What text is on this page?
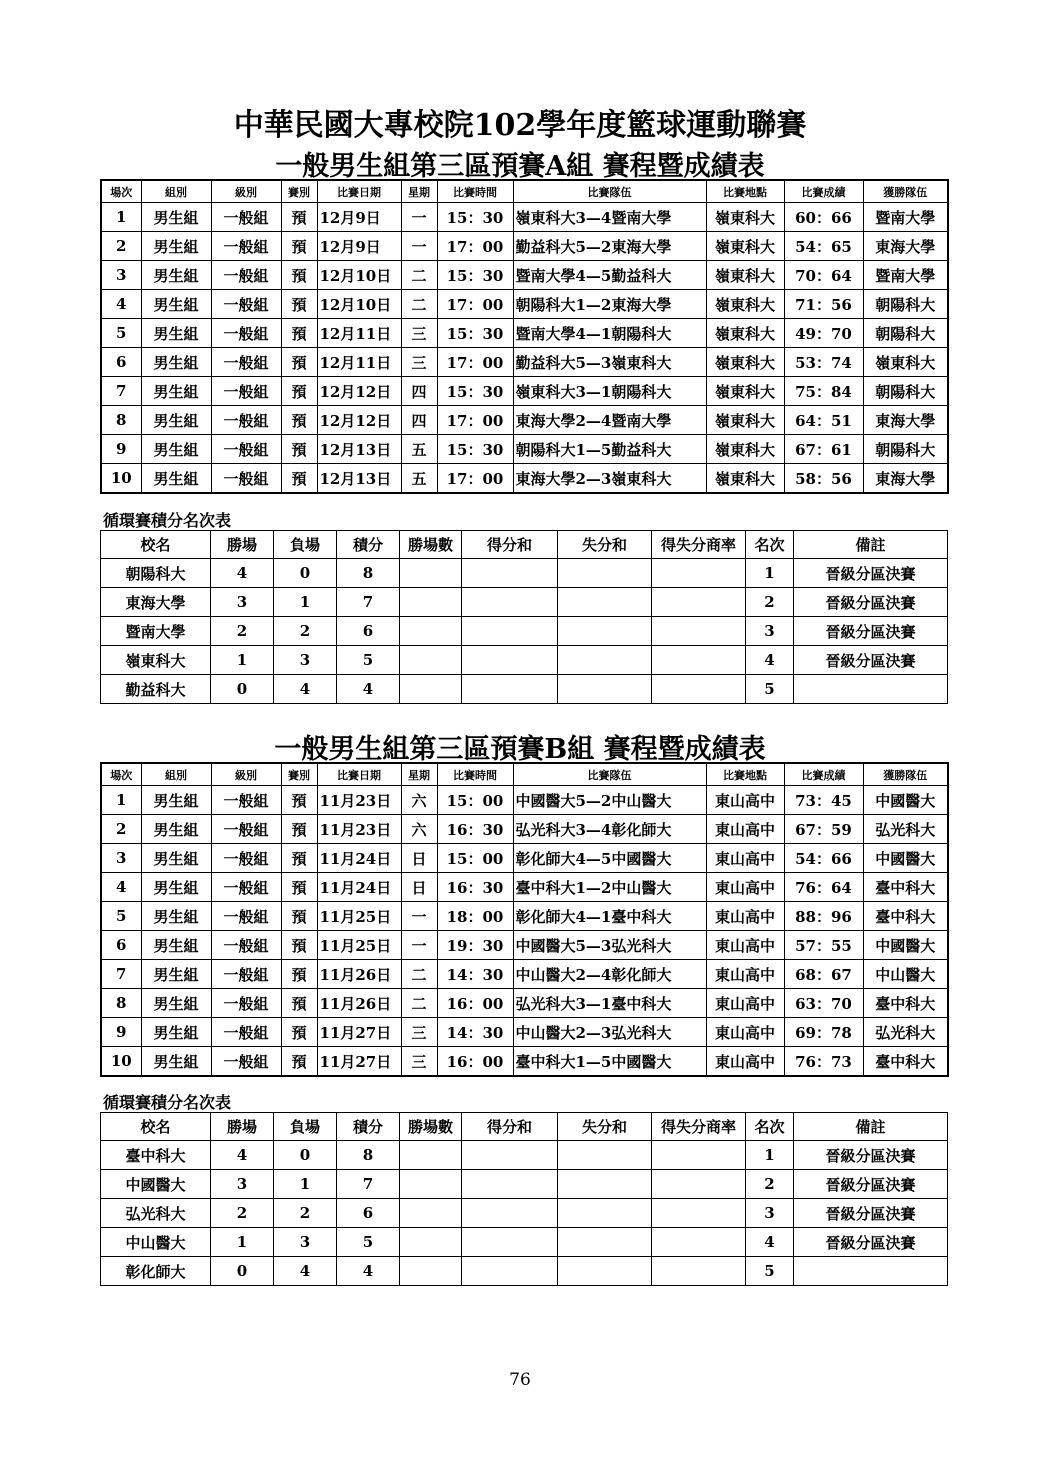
中華民國大專校院102學年度籃球運動聯賽
一般男生組第三區預賽A組 賽程暨成績表
場次	組別	級別	賽別	比賽日期	星期	比賽時間	比賽隊伍	比賽地點	比賽成績	獲勝隊伍
1	男生組	一般組	預	12月9日	一	15：30	嶺東科大3—4暨南大學	嶺東科大	60：66	暨南大學
2	男生組	一般組	預	12月9日	一	17：00	勤益科大5—2東海大學	嶺東科大	54：65	東海大學
3	男生組	一般組	預	12月10日	二	15：30	暨南大學4—5勤益科大	嶺東科大	70：64	暨南大學
4	男生組	一般組	預	12月10日	二	17：00	朝陽科大1—2東海大學	嶺東科大	71：56	朝陽科大
5	男生組	一般組	預	12月11日	三	15：30	暨南大學4—1朝陽科大	嶺東科大	49：70	朝陽科大
6	男生組	一般組	預	12月11日	三	17：00	勤益科大5—3嶺東科大	嶺東科大	53：74	嶺東科大
7	男生組	一般組	預	12月12日	四	15：30	嶺東科大3—1朝陽科大	嶺東科大	75：84	朝陽科大
8	男生組	一般組	預	12月12日	四	17：00	東海大學2—4暨南大學	嶺東科大	64：51	東海大學
9	男生組	一般組	預	12月13日	五	15：30	朝陽科大1—5勤益科大	嶺東科大	67：61	朝陽科大
10	男生組	一般組	預	12月13日	五	17：00	東海大學2—3嶺東科大	嶺東科大	58：56	東海大學
循環賽積分名次表
校名	勝場	負場	積分	勝場數	得分和	失分和	得失分商率	名次	備註
朝陽科大	4	0	8					1	晉級分區決賽
東海大學	3	1	7					2	晉級分區決賽
暨南大學	2	2	6					3	晉級分區決賽
嶺東科大	1	3	5					4	晉級分區決賽
勤益科大	0	4	4					5	
一般男生組第三區預賽B組 賽程暨成績表
場次	組別	級別	賽別	比賽日期	星期	比賽時間	比賽隊伍	比賽地點	比賽成績	獲勝隊伍
1	男生組	一般組	預	11月23日	六	15：00	中國醫大5—2中山醫大	東山高中	73：45	中國醫大
2	男生組	一般組	預	11月23日	六	16：30	弘光科大3—4彰化師大	東山高中	67：59	弘光科大
3	男生組	一般組	預	11月24日	日	15：00	彰化師大4—5中國醫大	東山高中	54：66	中國醫大
4	男生組	一般組	預	11月24日	日	16：30	臺中科大1—2中山醫大	東山高中	76：64	臺中科大
5	男生組	一般組	預	11月25日	一	18：00	彰化師大4—1臺中科大	東山高中	88：96	臺中科大
6	男生組	一般組	預	11月25日	一	19：30	中國醫大5—3弘光科大	東山高中	57：55	中國醫大
7	男生組	一般組	預	11月26日	二	14：30	中山醫大2—4彰化師大	東山高中	68：67	中山醫大
8	男生組	一般組	預	11月26日	二	16：00	弘光科大3—1臺中科大	東山高中	63：70	臺中科大
9	男生組	一般組	預	11月27日	三	14：30	中山醫大2—3弘光科大	東山高中	69：78	弘光科大
10	男生組	一般組	預	11月27日	三	16：00	臺中科大1—5中國醫大	東山高中	76：73	臺中科大
循環賽積分名次表
校名	勝場	負場	積分	勝場數	得分和	失分和	得失分商率	名次	備註
臺中科大	4	0	8					1	晉級分區決賽
中國醫大	3	1	7					2	晉級分區決賽
弘光科大	2	2	6					3	晉級分區決賽
中山醫大	1	3	5					4	晉級分區決賽
彰化師大	0	4	4					5	
76
